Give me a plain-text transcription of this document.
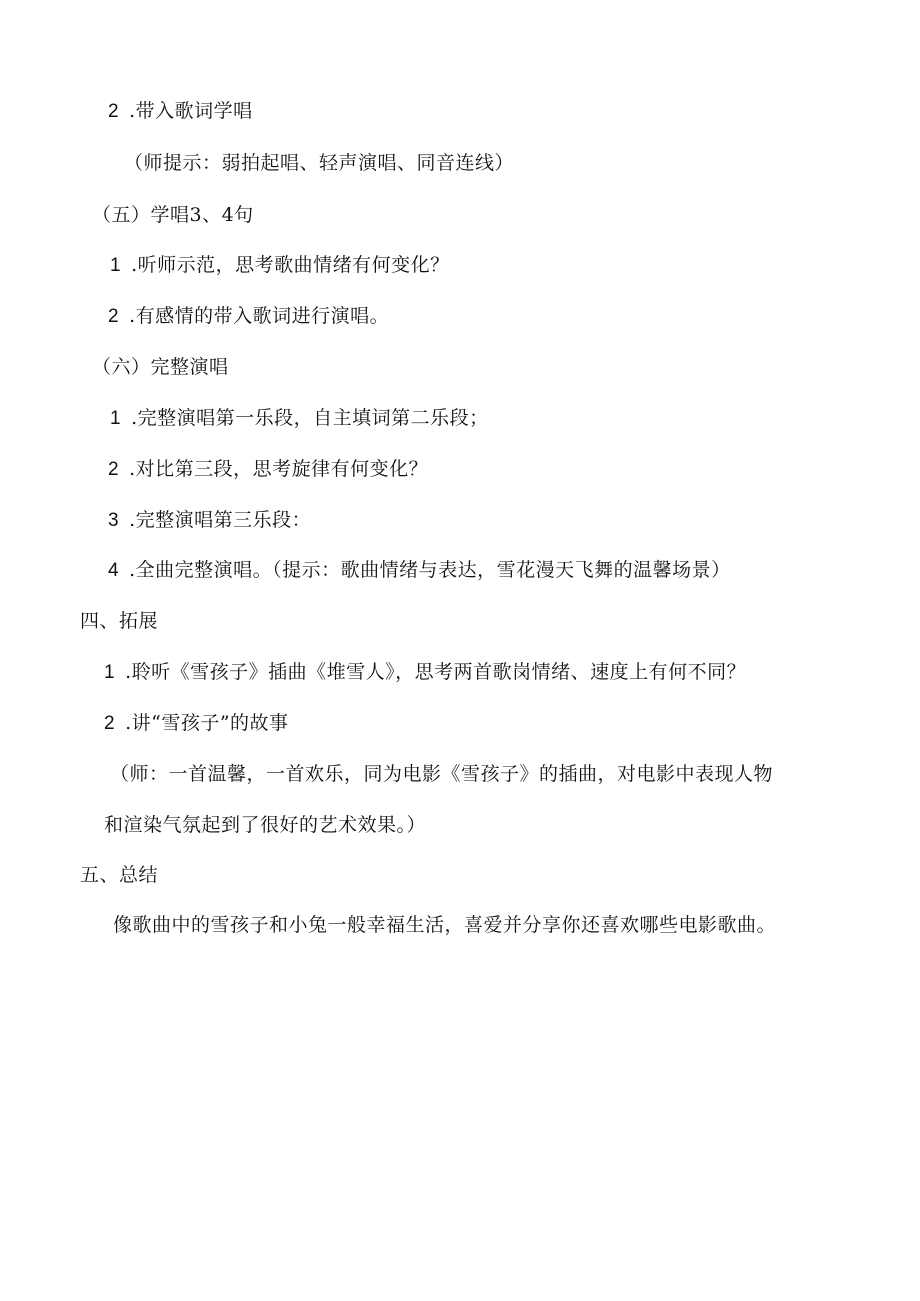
2 .带入歌词学唱
（师提示：弱拍起唱、轻声演唱、同音连线）
（五）学唱3、4句
1 .听师示范，思考歌曲情绪有何变化？
2 .有感情的带入歌词进行演唱。
（六）完整演唱
1 .完整演唱第一乐段，自主填词第二乐段；
2 .对比第三段，思考旋律有何变化？
3 .完整演唱第三乐段：
4 .全曲完整演唱。（提示：歌曲情绪与表达，雪花漫天飞舞的温馨场景）
四、拓展
1 .聆听《雪孩子》插曲《堆雪人》，思考两首歌岗情绪、速度上有何不同？
2 .讲“雪孩子”的故事
（师：一首温馨，一首欢乐，同为电影《雪孩子》的插曲，对电影中表现人物
和渲染气氛起到了很好的艺术效果。）
五、总结
像歌曲中的雪孩子和小兔一般幸福生活，喜爱并分享你还喜欢哪些电影歌曲。
